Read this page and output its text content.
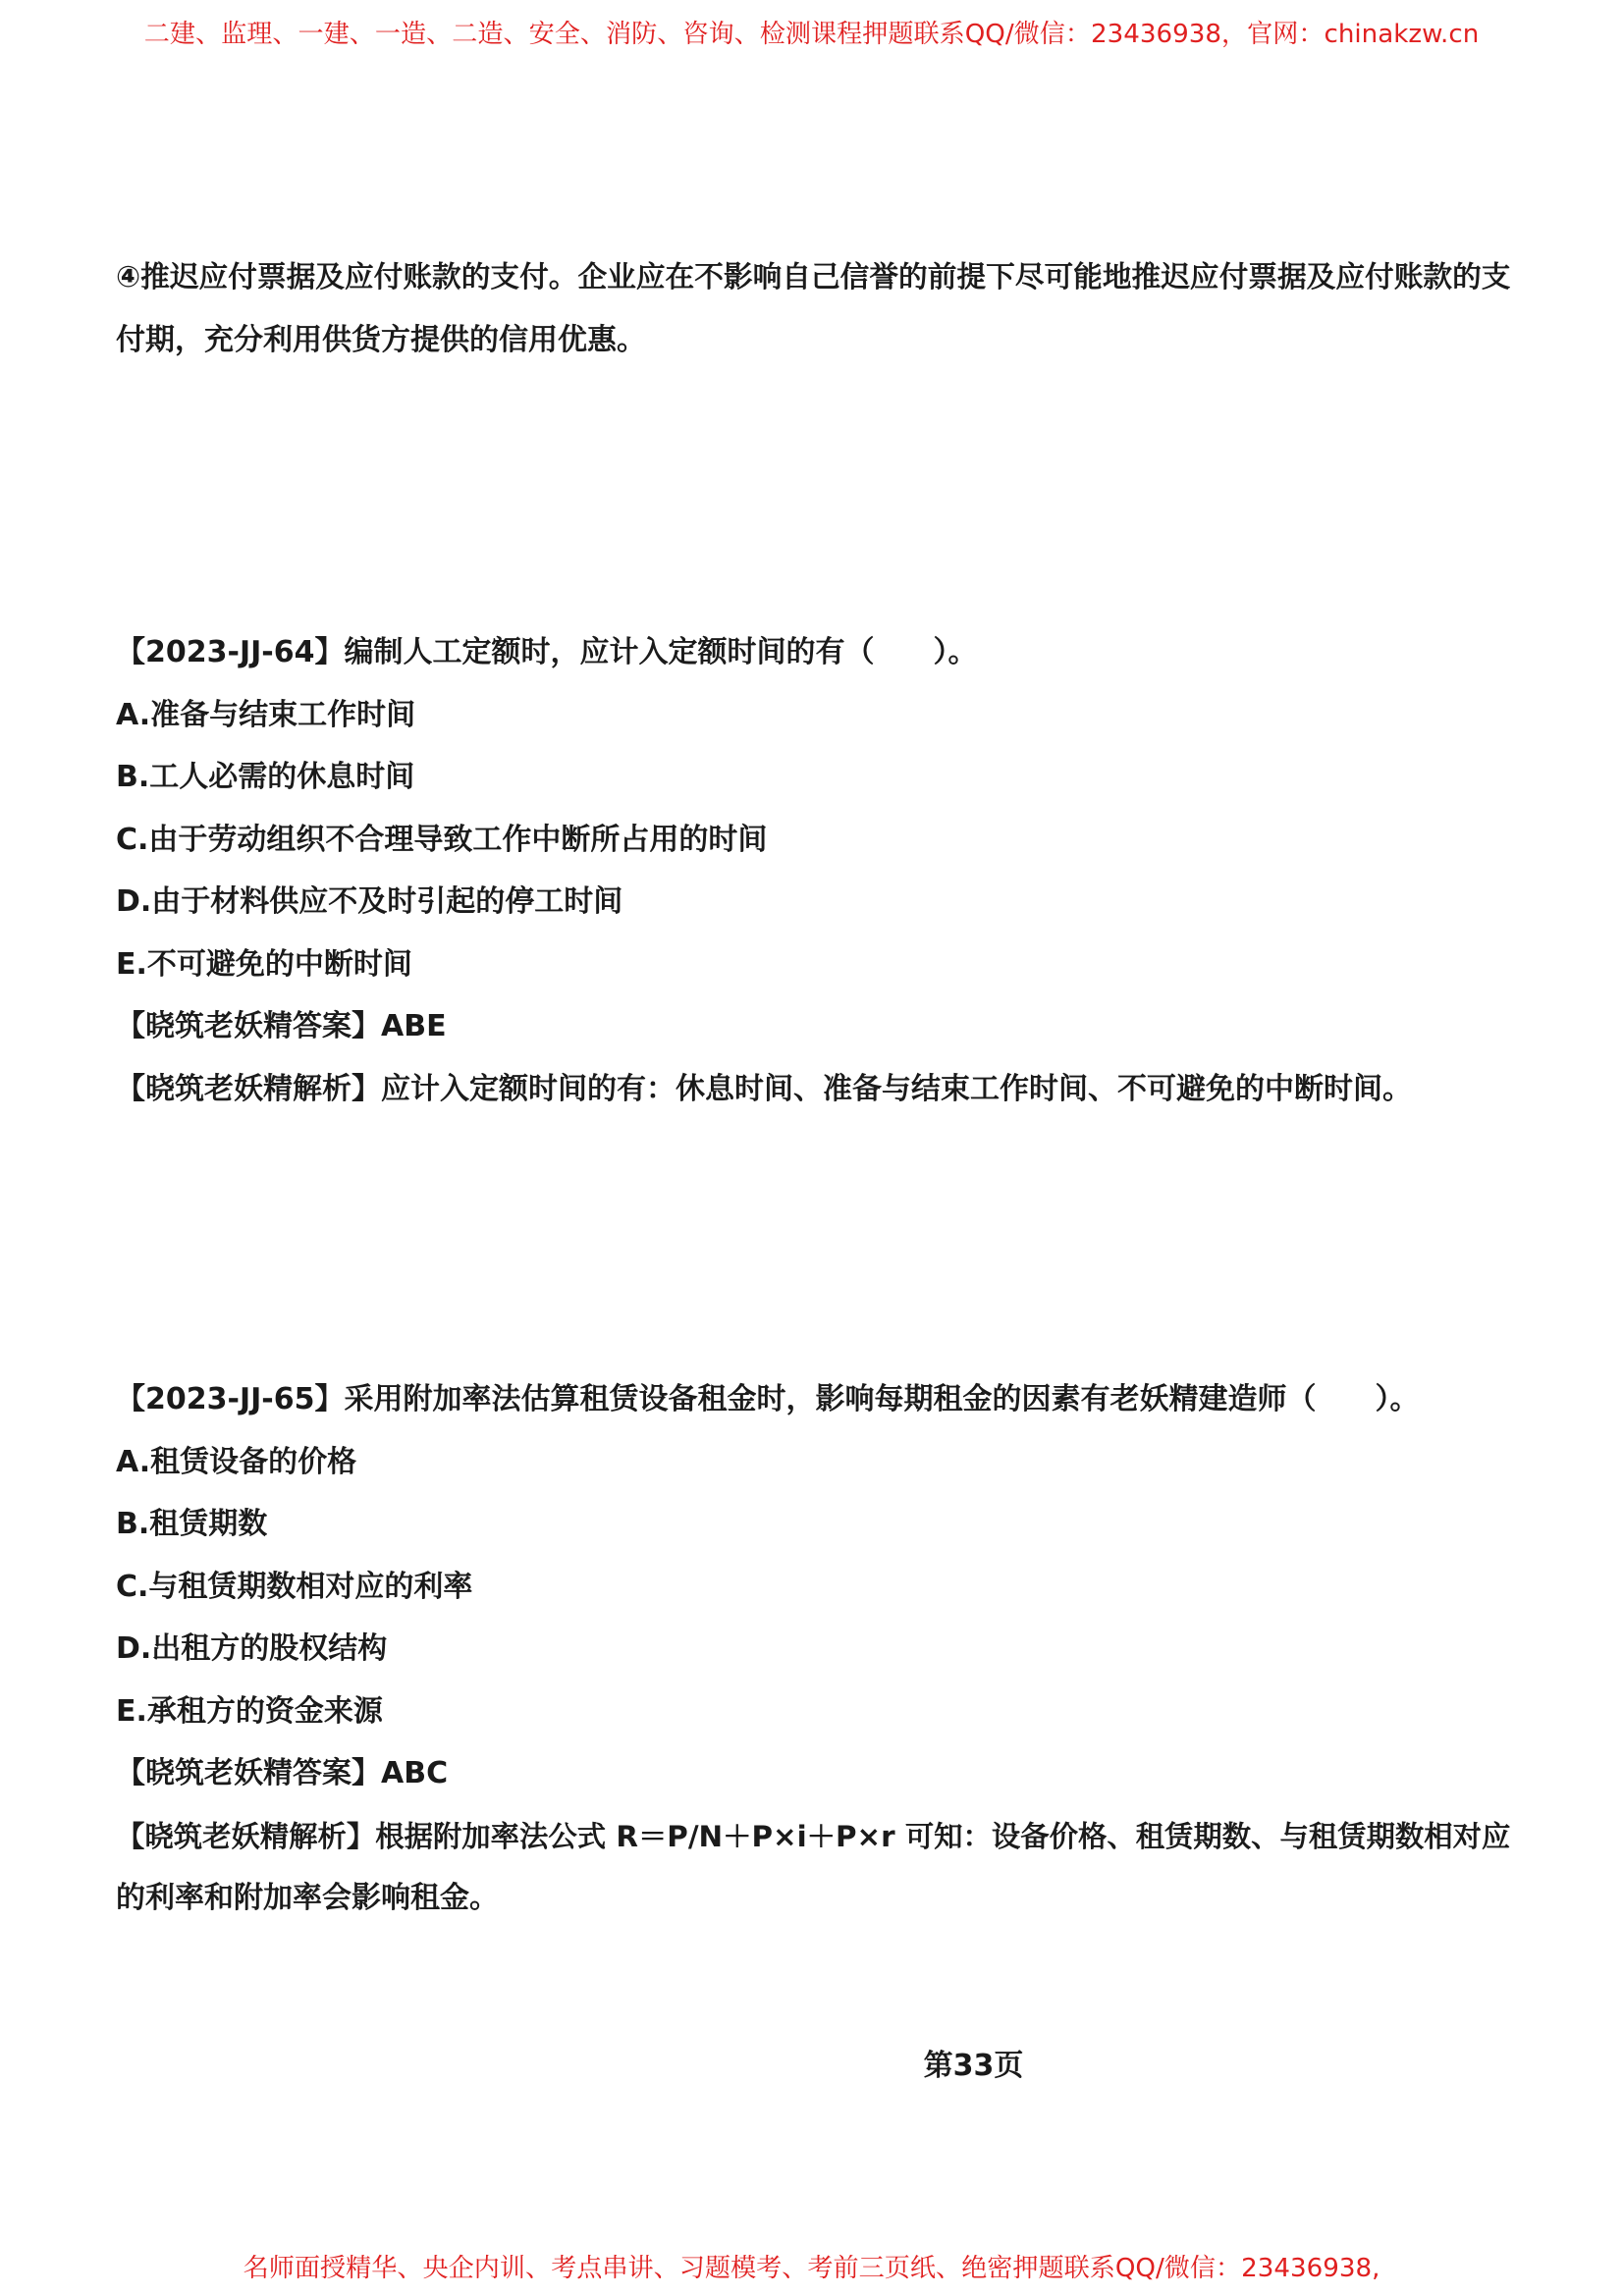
二建、监理、一建、一造、二造、安全、消防、咨询、检测课程押题联系QQ/微信：23436938，官网：chinakzw.cn
④推迟应付票据及应付账款的支付。企业应在不影响自己信誉的前提下尽可能地推迟应付票据及应付账款的支
付期，充分利用供货方提供的信用优惠。
【2023-JJ-64】编制人工定额时，应计入定额时间的有（　　）。
A.准备与结束工作时间
B.工人必需的休息时间
C.由于劳动组织不合理导致工作中断所占用的时间
D.由于材料供应不及时引起的停工时间
E.不可避免的中断时间
【晓筑老妖精答案】ABE
【晓筑老妖精解析】应计入定额时间的有：休息时间、准备与结束工作时间、不可避免的中断时间。
【2023-JJ-65】采用附加率法估算租赁设备租金时，影响每期租金的因素有老妖精建造师（　　）。
A.租赁设备的价格
B.租赁期数
C.与租赁期数相对应的利率
D.出租方的股权结构
E.承租方的资金来源
【晓筑老妖精答案】ABC
【晓筑老妖精解析】根据附加率法公式 R＝P/N＋P×i＋P×r 可知：设备价格、租赁期数、与租赁期数相对应
的利率和附加率会影响租金。
第33页
名师面授精华、央企内训、考点串讲、习题模考、考前三页纸、绝密押题联系QQ/微信：23436938,
